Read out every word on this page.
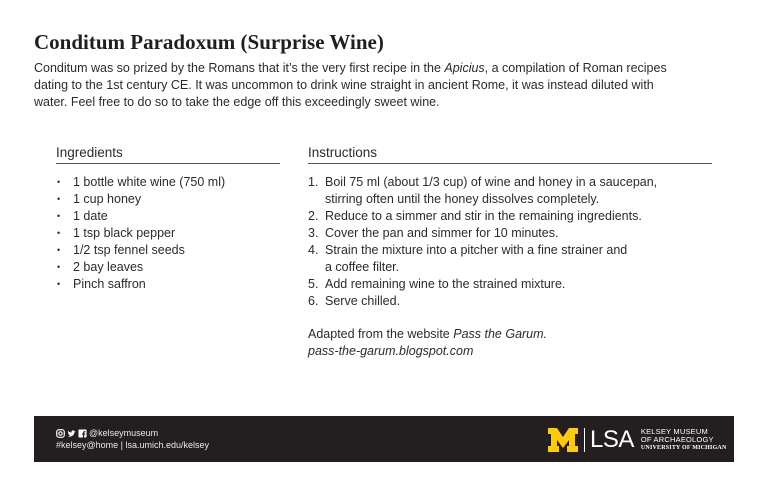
Conditum Paradoxum (Surprise Wine)

Conditum was so prized by the Romans that it’s the very first recipe in the Apicius, a compilation of Roman recipes dating to the 1st century CE. It was uncommon to drink wine straight in ancient Rome, it was instead diluted with water. Feel free to do so to take the edge off this exceedingly sweet wine.

Ingredients	Instructions
• 1 bottle white wine (750 ml)
• 1 cup honey
• 1 date
• 1 tsp black pepper
• 1/2 tsp fennel seeds
• 2 bay leaves
• Pinch saffron
1. Boil 75 ml (about 1/3 cup) of wine and honey in a saucepan,
stirring often until the honey dissolves completely.
2. Reduce to a simmer and stir in the remaining ingredients.
3. Cover the pan and simmer for 10 minutes.
4. Strain the mixture into a pitcher with a fine strainer and
a coffee filter.
5. Add remaining wine to the strained mixture.
6. Serve chilled.
Adapted from the website Pass the Garum.
pass-the-garum.blogspot.com
@kelseymuseum
#kelsey@home | lsa.umich.edu/kelsey	LSA KELSEY MUSEUM
OF ARCHAEOLOGY
UNIVERSITY OF MICHIGAN
